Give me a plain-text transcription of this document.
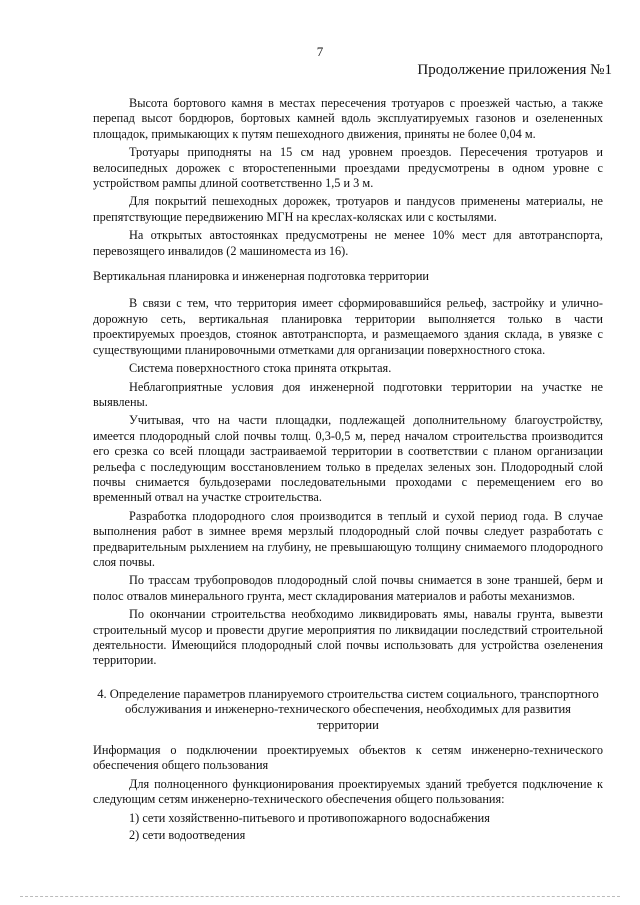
7
Продолжение приложения №1

Высота бортового камня в местах пересечения тротуаров с проезжей частью, а также перепад высот бордюров, бортовых камней вдоль эксплуатируемых газонов и озелененных площадок, примыкающих к путям пешеходного движения, приняты не более 0,04 м.

Тротуары приподняты на 15 см над уровнем проездов. Пересечения тротуаров и велосипедных дорожек с второстепенными проездами предусмотрены в одном уровне с устройством рампы длиной соответственно 1,5 и 3 м.

Для покрытий пешеходных дорожек, тротуаров и пандусов применены материалы, не препятствующие передвижению МГН на креслах-колясках или с костылями.

На открытых автостоянках предусмотрены не менее 10% мест для автотранспорта, перевозящего инвалидов (2 машиноместа из 16).

Вертикальная планировка и инженерная подготовка территории

В связи с тем, что территория имеет сформировавшийся рельеф, застройку и улично-дорожную сеть, вертикальная планировка территории выполняется только в части проектируемых проездов, стоянок автотранспорта, и размещаемого здания склада, в увязке с существующими планировочными отметками для организации поверхностного стока.

Система поверхностного стока принята открытая.

Неблагоприятные условия доя инженерной подготовки территории на участке не выявлены.

Учитывая, что на части площадки, подлежащей дополнительному благоустройству, имеется плодородный слой почвы толщ. 0,3-0,5 м, перед началом строительства производится его срезка со всей площади застраиваемой территории в соответствии с планом организации рельефа с последующим восстановлением только в пределах зеленых зон. Плодородный слой почвы снимается бульдозерами последовательными проходами с перемещением его во временный отвал на участке строительства.

Разработка плодородного слоя производится в теплый и сухой период года. В случае выполнения работ в зимнее время мерзлый плодородный слой почвы следует разработать с предварительным рыхлением на глубину, не превышающую толщину снимаемого плодородного слоя почвы.

По трассам трубопроводов плодородный слой почвы снимается в зоне траншей, берм и полос отвалов минерального грунта, мест складирования материалов и работы механизмов.

По окончании строительства необходимо ликвидировать ямы, навалы грунта, вывезти строительный мусор и провести другие мероприятия по ликвидации последствий строительной деятельности. Имеющийся плодородный слой почвы использовать для устройства озеленения территории.

4. Определение параметров планируемого строительства систем социального, транспортного обслуживания и инженерно-технического обеспечения, необходимых для развития территории

Информация о подключении проектируемых объектов к сетям инженерно-технического обеспечения общего пользования

Для полноценного функционирования проектируемых зданий требуется подключение к следующим сетям инженерно-технического обеспечения общего пользования:

1) сети хозяйственно-питьевого и противопожарного водоснабжения
2) сети водоотведения
